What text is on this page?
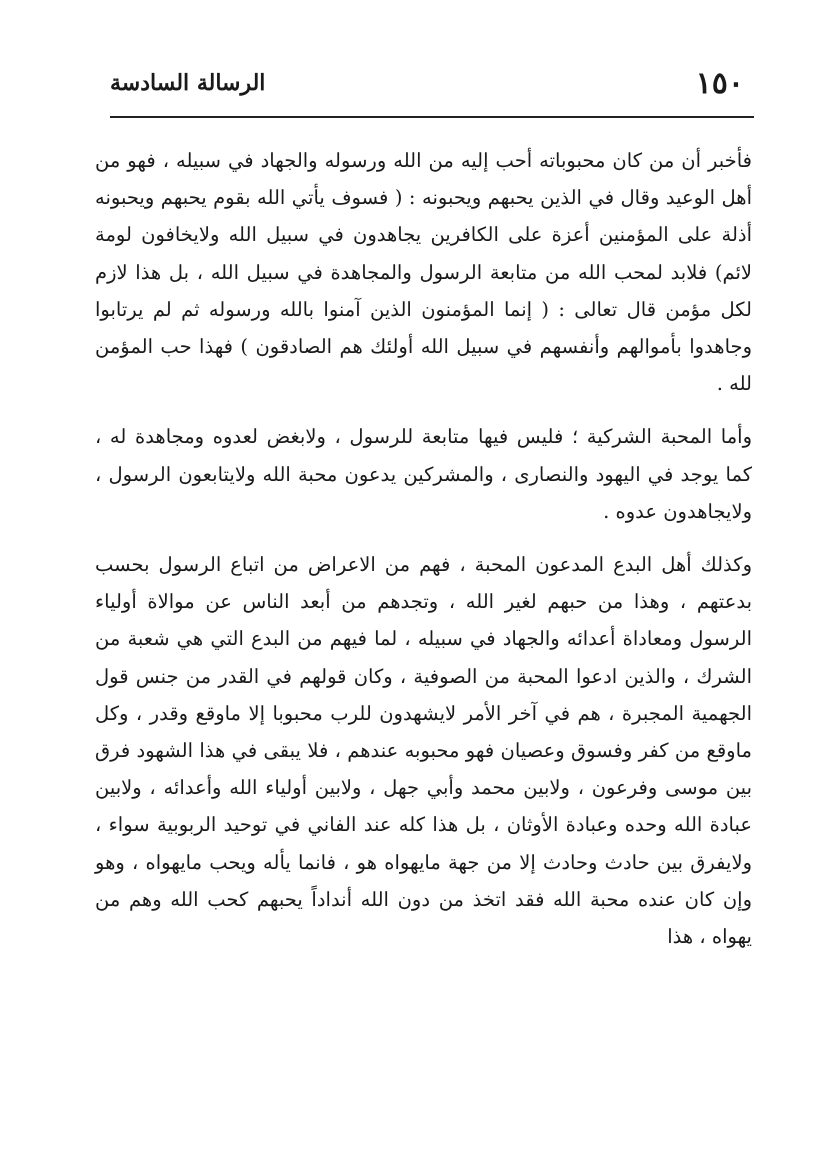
١٥٠
الرسالة السادسة

فأخبر أن من كان محبوباته أحب إليه من الله ورسوله والجهاد في سبيله ، فهو من أهل الوعيد وقال في الذين يحبهم ويحبونه : ( فسوف يأتي الله بقوم يحبهم ويحبونه أذلة على المؤمنين أعزة على الكافرين يجاهدون في سبيل الله ولايخافون لومة لائم) فلابد لمحب الله من متابعة الرسول والمجاهدة في سبيل الله ، بل هذا لازم لكل مؤمن قال تعالى : ( إنما المؤمنون الذين آمنوا بالله ورسوله ثم لم يرتابوا وجاهدوا بأموالهم وأنفسهم في سبيل الله أولئك هم الصادقون ) فهذا حب المؤمن لله .

وأما المحبة الشركية ؛ فليس فيها متابعة للرسول ، ولابغض لعدوه ومجاهدة له ، كما يوجد في اليهود والنصارى ، والمشركين يدعون محبة الله ولايتابعون الرسول ، ولايجاهدون عدوه .

وكذلك أهل البدع المدعون المحبة ، فهم من الاعراض من اتباع الرسول بحسب بدعتهم ، وهذا من حبهم لغير الله ، وتجدهم من أبعد الناس عن موالاة أولياء الرسول ومعاداة أعدائه والجهاد في سبيله ، لما فيهم من البدع التي هي شعبة من الشرك ، والذين ادعوا المحبة من الصوفية ، وكان قولهم في القدر من جنس قول الجهمية المجبرة ، هم في آخر الأمر لايشهدون للرب محبوبا إلا ماوقع وقدر ، وكل ماوقع من كفر وفسوق وعصيان فهو محبوبه عندهم ، فلا يبقى في هذا الشهود فرق بين موسى وفرعون ، ولابين محمد وأبي جهل ، ولابين أولياء الله وأعدائه ، ولابين عبادة الله وحده وعبادة الأوثان ، بل هذا كله عند الفاني في توحيد الربوبية سواء ، ولايفرق بين حادث وحادث إلا من جهة مايهواه هو ، فانما يأله ويحب مايهواه ، وهو وإن كان عنده محبة الله فقد اتخذ من دون الله أنداداً يحبهم كحب الله وهم من يهواه ، هذا
